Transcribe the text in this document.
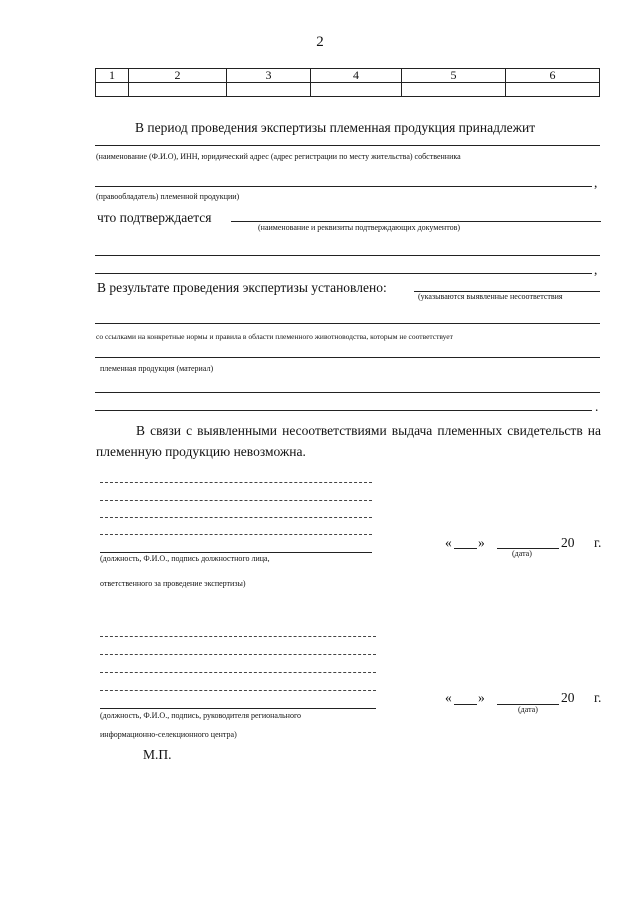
2
1	2	3	4	5	6

В период проведения экспертизы племенная продукция принадлежит
(наименование (Ф.И.О), ИНН, юридический адрес (адрес регистрации по месту жительства) собственника
,
(правообладатель) племенной продукции)
что подтверждается
(наименование и реквизиты подтверждающих документов)
,
В результате проведения экспертизы установлено:
(указываются выявленные несоответствия
со ссылками на конкретные нормы и правила в области племенного животноводства, которым не соответствует
племенная продукция (материал)
.
В связи с выявленными несоответствиями выдача племенных свидетельств на племенную продукцию невозможна.
(должность, Ф.И.О., подпись должностного лица,
ответственного за проведение экспертизы)
« »	20 г.
(дата)
(должность, Ф.И.О., подпись, руководителя регионального
информационно-селекционного центра)
« »	20 г.
(дата)
М.П.
